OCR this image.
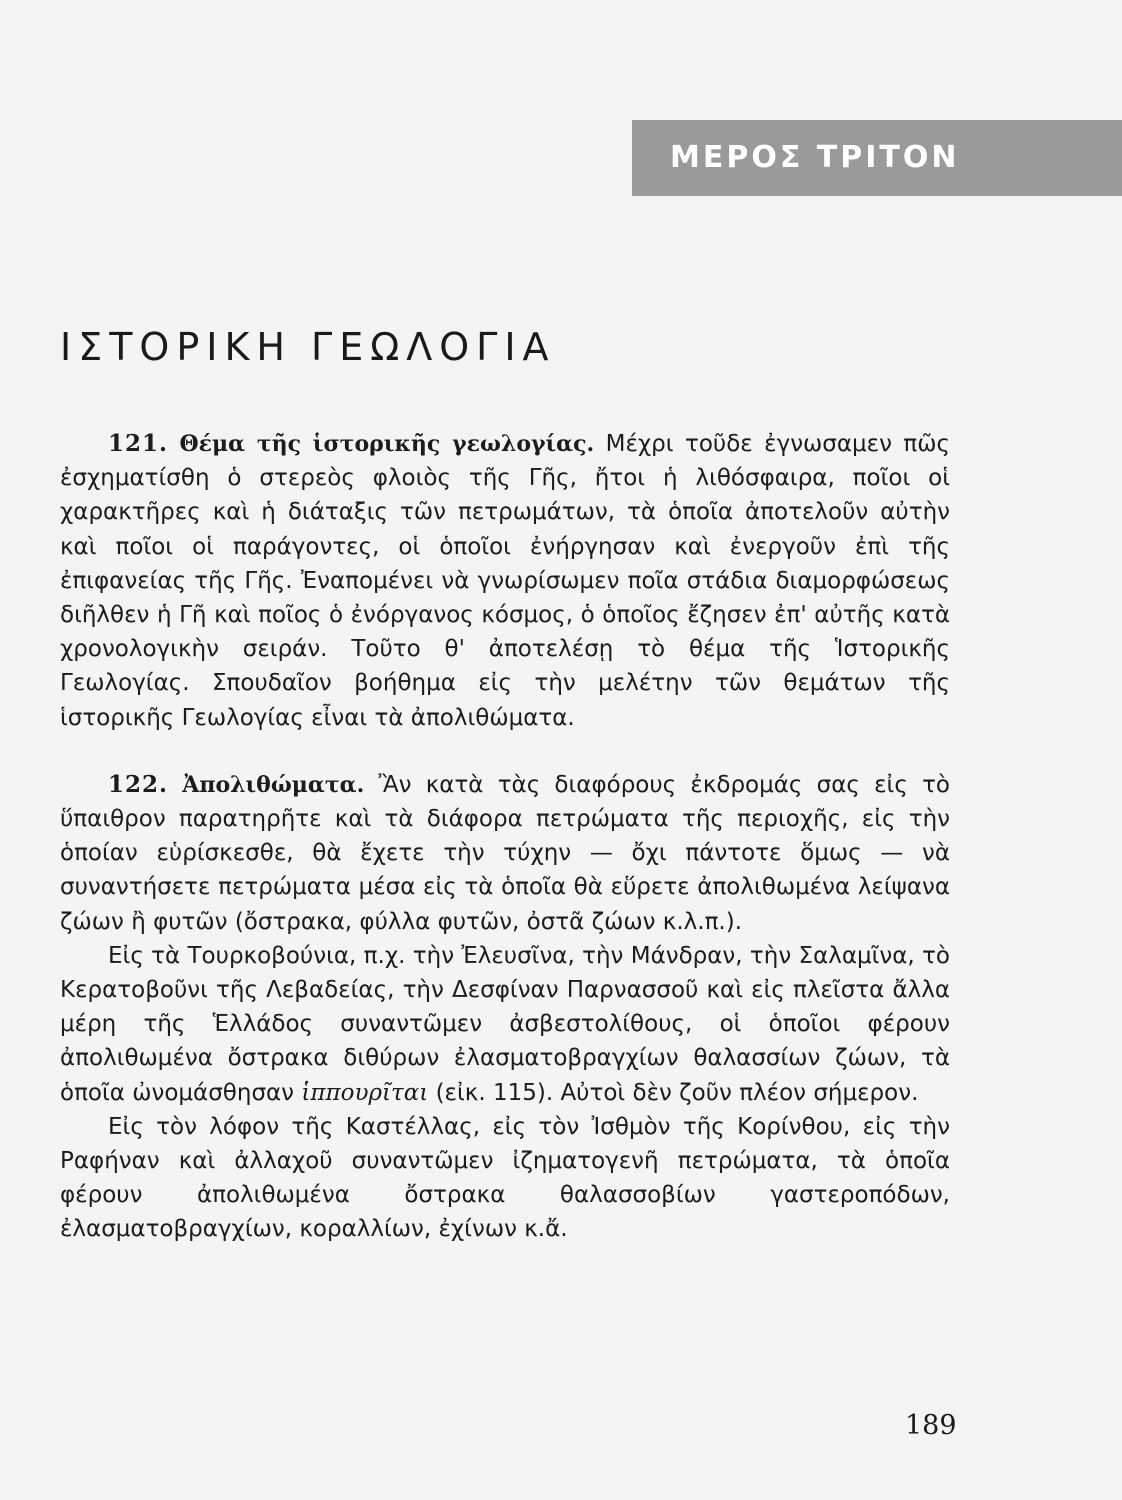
ΜΕΡΟΣ ΤΡΙΤΟΝ
ΙΣΤΟΡΙΚΗ ΓΕΩΛΟΓΙΑ

121. Θέμα τῆς ἱστορικῆς γεωλογίας. Μέχρι τοῦδε ἐγνωσαμεν πῶς ἐσχηματίσθη ὁ στερεὸς φλοιὸς τῆς Γῆς, ἤτοι ἡ λιθόσφαιρα, ποῖοι οἱ χαρακτῆρες καὶ ἡ διάταξις τῶν πετρωμάτων, τὰ ὁποῖα ἀποτελοῦν αὐτὴν καὶ ποῖοι οἱ παράγοντες, οἱ ὁποῖοι ἐνήργησαν καὶ ἐνεργοῦν ἐπὶ τῆς ἐπιφανείας τῆς Γῆς. Ἐναπομένει νὰ γνωρίσωμεν ποῖα στάδια διαμορφώσεως διῆλθεν ἡ Γῆ καὶ ποῖος ὁ ἐνόργανος κόσμος, ὁ ὁποῖος ἔζησεν ἐπ' αὐτῆς κατὰ χρονολογικὴν σειράν. Τοῦτο θ' ἀποτελέσῃ τὸ θέμα τῆς Ἱστορικῆς Γεωλογίας. Σπουδαῖον βοήθημα εἰς τὴν μελέτην τῶν θεμάτων τῆς ἱστορικῆς Γεωλογίας εἶναι τὰ ἀπολιθώματα.

122. Ἀπολιθώματα. Ἂν κατὰ τὰς διαφόρους ἐκδρομάς σας εἰς τὸ ὕπαιθρον παρατηρῆτε καὶ τὰ διάφορα πετρώματα τῆς περιοχῆς, εἰς τὴν ὁποίαν εὑρίσκεσθε, θὰ ἔχετε τὴν τύχην — ὄχι πάντοτε ὅμως — νὰ συναντήσετε πετρώματα μέσα εἰς τὰ ὁποῖα θὰ εὕρετε ἀπολιθωμένα λείψανα ζώων ἢ φυτῶν (ὄστρακα, φύλλα φυτῶν, ὀστᾶ ζώων κ.λ.π.).

Εἰς τὰ Τουρκοβούνια, π.χ. τὴν Ἐλευσῖνα, τὴν Μάνδραν, τὴν Σαλαμῖνα, τὸ Κερατοβοῦνι τῆς Λεβαδείας, τὴν Δεσφίναν Παρνασσοῦ καὶ εἰς πλεῖστα ἄλλα μέρη τῆς Ἑλλάδος συναντῶμεν ἀσβεστολίθους, οἱ ὁποῖοι φέρουν ἀπολιθωμένα ὄστρακα διθύρων ἐλασματοβραγχίων θαλασσίων ζώων, τὰ ὁποῖα ὠνομάσθησαν ἱππουρῖται (εἰκ. 115). Αὐτοὶ δὲν ζοῦν πλέον σήμερον.

Εἰς τὸν λόφον τῆς Καστέλλας, εἰς τὸν Ἰσθμὸν τῆς Κορίνθου, εἰς τὴν Ραφήναν καὶ ἀλλαχοῦ συναντῶμεν ἰζηματογενῆ πετρώματα, τὰ ὁποῖα φέρουν ἀπολιθωμένα ὄστρακα θαλασσοβίων γαστεροπόδων, ἐλασματοβραγχίων, κοραλλίων, ἐχίνων κ.ἄ.

189
